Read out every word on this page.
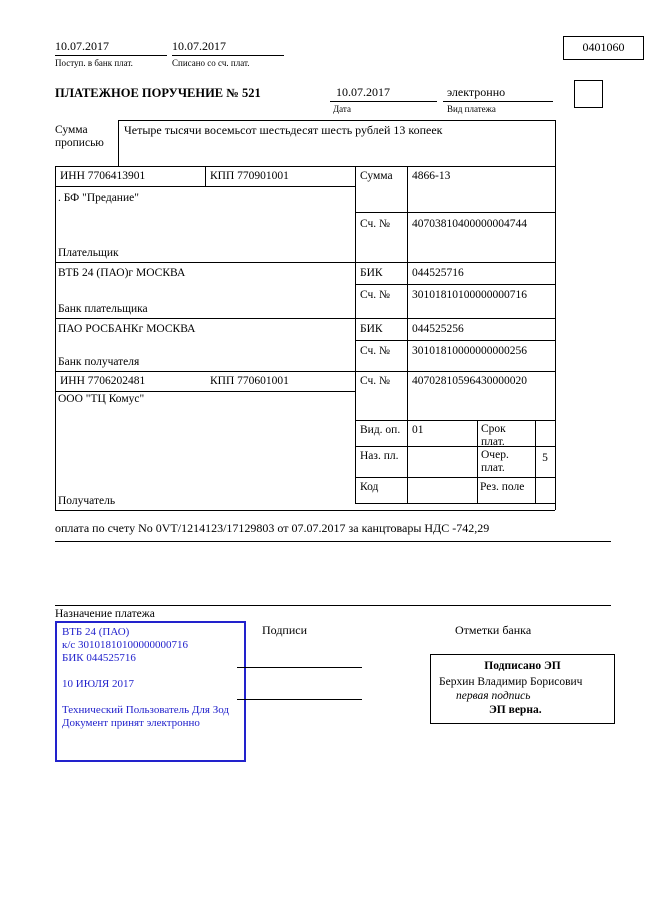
10.07.2017
Поступ. в банк плат.
10.07.2017
Списано со сч. плат.
0401060
ПЛАТЕЖНОЕ ПОРУЧЕНИЕ № 521	10.07.2017
Дата
электронно
Вид платежа
Сумма прописью
Четыре тысячи восемьсот шестьдесят шесть рублей 13 копеек
ИНН 7706413901	КПП 770901001	Сумма 4866-13
. БФ "Предание"
Сч. № 40703810400000004744
Плательщик
ВТБ 24 (ПАО)г МОСКВА	БИК	044525716
Сч. № 30101810100000000716
Банк плательщика
ПАО РОСБАНКг МОСКВА	БИК	044525256
Сч. № 30101810000000000256
Банк получателя
ИНН 7706202481	КПП 770601001	Сч. № 40702810596430000020
ООО "ТЦ Комус"
Вид. оп. 01	Срок плат.
Наз. пл.	Очер. плат.
5
Код	Рез. поле
Получатель
оплата по счету No 0VT/1214123/17129803 от 07.07.2017 за канцтовары НДС -742,29
Назначение платежа
Подписи	Отметки банка
ВТБ 24 (ПАО)
к/с 30101810100000000716
БИК 044525716
10 ИЮЛЯ 2017
Технический Пользователь Для Зод
Документ принят электронно
Подписано ЭП
Берхин Владимир Борисович
первая подпись
ЭП верна.
